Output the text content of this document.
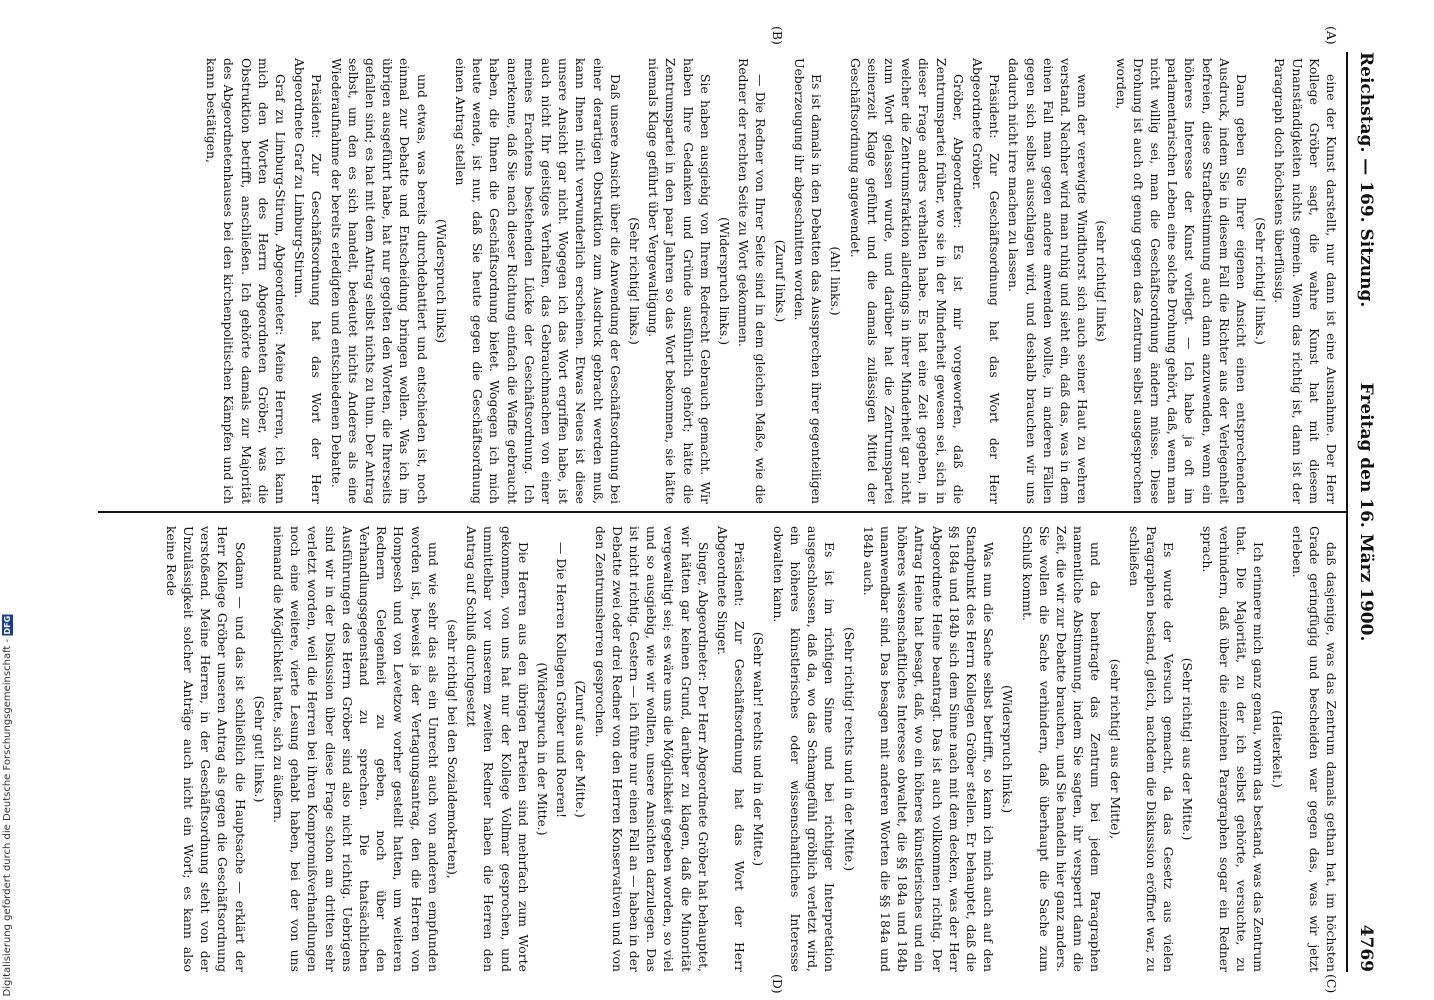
Reichstag. — 169. Sitzung.
Freitag den 16. März 1900.
4769
(A)
(B)
(C)
(D)

eine der Kunst darstellt, nur dann ist eine Ausnahme. Der Herr Kollege Gröber sagt, die wahre Kunst hat mit diesem Unanständigkeiten nichts gemein. Wenn das richtig ist, dann ist der Paragraph doch höchstens überflüssig.

(Sehr richtig! links.)

Dann geben Sie Ihrer eigenen Ansicht einen entsprechenden Ausdruck, indem Sie in diesem Fall die Richter aus der Verlegenheit befreien, diese Strafbestimmung auch dann anzuwenden, wenn ein höheres Interesse der Kunst vorliegt. — Ich habe ja oft im parlamentarischen Leben eine solche Drohung gehört, daß, wenn man nicht willig sei, man die Geschäftsordnung ändern müsse. Diese Drohung ist auch oft genug gegen das Zentrum selbst ausgesprochen worden,

(sehr richtig! links)

wenn der verewigte Windthorst sich auch seiner Haut zu wehren verstand. Nachher wird man ruhig und sieht ein, daß das, was in dem einen Fall man gegen andere anwenden wollte, in anderen Fällen gegen sich selbst ausschlagen wird, und deshalb brauchen wir uns dadurch nicht irre machen zu lassen.

Präsident: Zur Geschäftsordnung hat das Wort der Herr Abgeordnete Gröber.

Gröber, Abgeordneter: Es ist mir vorgeworfen, daß die Zentrumspartei früher, wo sie in der Minderheit gewesen sei, sich in dieser Frage anders verhalten habe. Es hat eine Zeit gegeben, in welcher die Zentrumsfraktion allerdings in ihrer Minderheit gar nicht zum Wort gelassen wurde, und darüber hat die Zentrumspartei seinerzeit Klage geführt und die damals zulässigen Mittel der Geschäftsordnung angewendet.

(Ah! links.)

Es ist damals in den Debatten das Aussprechen ihrer gegenteiligen Ueberzeugung ihr abgeschnitten worden.

(Zuruf links.)

— Die Redner von Ihrer Seite sind in dem gleichen Maße, wie die Redner der rechten Seite zu Wort gekommen.

(Widerspruch links.)

Sie haben ausgiebig von Ihrem Redrecht Gebrauch gemacht. Wir haben Ihre Gedanken und Gründe ausführlich gehört; hätte die Zentrumspartei in den paar Jahren so das Wort bekommen, sie hätte niemals Klage geführt über Vergewaltigung.

(Sehr richtig! links.)

Daß unsere Ansicht über die Anwendung der Geschäftsordnung bei einer derartigen Obstruktion zum Ausdruck gebracht werden muß, kann Ihnen nicht verwunderlich erscheinen. Etwas Neues ist diese unsere Ansicht gar nicht. Wogegen ich das Wort ergriffen habe, ist auch nicht Ihr geistiges Verhalten, das Gebrauchmachen von einer meines Erachtens bestehenden Lücke der Geschäftsordnung. Ich anerkenne, daß Sie nach dieser Richtung einfach die Waffe gebraucht haben, die Ihnen die Geschäftsordnung bietet. Wogegen ich mich heute wende, ist nur, daß Sie heute gegen die Geschäftsordnung einen Antrag stellen

(Widerspruch links)

und etwas, was bereits durchdebattiert und entschieden ist, noch einmal zur Debatte und Entscheidung bringen wollen. Was ich im übrigen ausgeführt habe, hat nur gegolten den Worten, die Ihrerseits gefallen sind; es hat mit dem Antrag selbst nichts zu thun. Der Antrag selbst, um den es sich handelt, bedeutet nichts Anderes als eine Wiederaufnahme der bereits erledigten und entschiedenen Debatte.

Präsident: Zur Geschäftsordnung hat das Wort der Herr Abgeordnete Graf zu Limburg-Stirum.

Graf zu Limburg-Stirum, Abgeordneter: Meine Herren, ich kann mich den Worten des Herrn Abgeordneten Gröber, was die Obstruktion betrifft, anschließen. Ich gehörte damals zur Majorität des Abgeordnetenhauses bei den kirchenpolitischen Kämpfen und ich kann bestätigen,

daß dasjenige, was das Zentrum damals gethan hat, im höchsten Grade geringfügig und bescheiden war gegen das, was wir jetzt erleben.

(Heiterkeit.)

Ich erinnere mich ganz genau, worin das bestand, was das Zentrum that. Die Majorität, zu der ich selbst gehörte, versuchte, zu verhindern, daß über die einzelnen Paragraphen sogar ein Redner sprach.

(Sehr richtig! aus der Mitte.)

Es wurde der Versuch gemacht, da das Gesetz aus vielen Paragraphen bestand, gleich, nachdem die Diskussion eröffnet war, zu schließen

(sehr richtig! aus der Mitte),

und da beantragte das Zentrum bei jedem Paragraphen namentliche Abstimmung, indem Sie sagten, ihr versperrt dann die Zeit, die wir zur Debatte brauchen, und Sie handeln hier ganz anders. Sie wollen die Sache verhindern, daß überhaupt die Sache zum Schluß kommt.

(Widerspruch links.)

Was nun die Sache selbst betrifft, so kann ich mich auch auf den Standpunkt des Herrn Kollegen Gröber stellen. Er behauptet, daß die §§ 184a und 184b sich dem Sinne nach mit dem decken, was der Herr Abgeordnete Heine beantragt. Das ist auch vollkommen richtig. Der Antrag Heine hat besagt, daß, wo ein höheres künstlerisches und ein höheres wissenschaftliches Interesse obwaltet, die §§ 184a und 184b unanwendbar sind. Das besagen mit anderen Worten die §§ 184a und 184b auch.

(Sehr richtig! rechts und in der Mitte.)

Es ist im richtigen Sinne und bei richtiger Interpretation ausgeschlossen, daß da, wo das Schamgefühl gröblich verletzt wird, ein höheres künstlerisches oder wissenschaftliches Interesse obwalten kann.

(Sehr wahr! rechts und in der Mitte.)

Präsident: Zur Geschäftsordnung hat das Wort der Herr Abgeordnete Singer.

Singer, Abgeordneter: Der Herr Abgeordnete Gröber hat behauptet, wir hätten gar keinen Grund, darüber zu klagen, daß die Minorität vergewaltigt sei; es wäre uns die Möglichkeit gegeben worden, so viel und so ausgiebig, wie wir wollten, unsere Ansichten darzulegen. Das ist nicht richtig. Gestern — ich führe nur einen Fall an — haben in der Debatte zwei oder drei Redner von den Herren Konservativen und von den Zentrumsherren gesprochen.

(Zuruf aus der Mitte.)

— Die Herren Kollegen Gröber und Roeren!

(Widerspruch in der Mitte.)

Die Herren aus den übrigen Parteien sind mehrfach zum Worte gekommen, von uns hat nur der Kollege Vollmar gesprochen, und unmittelbar vor unserem zweiten Redner haben die Herren den Antrag auf Schluß durchgesetzt

(sehr richtig! bei den Sozialdemokraten),

und wie sehr das als ein Unrecht auch von anderen empfunden worden ist, beweist ja der Vertagungsantrag, den die Herren von Hompesch und von Levetzow vorher gestellt hatten, um weiteren Rednern Gelegenheit zu geben, noch über den Verhandlungsgegenstand zu sprechen. Die thatsächlichen Ausführungen des Herrn Gröber sind also nicht richtig. Uebrigens sind wir in der Diskussion über diese Frage schon am dritten sehr verletzt worden, weil die Herren bei ihren Kompromißverhandlungen noch eine weitere, vierte Lesung gehabt haben, bei der von uns niemand die Möglichkeit hatte, sich zu äußern.

(Sehr gut! links.)

Sodann — und das ist schließlich die Hauptsache — erklärt der Herr Kollege Gröber unseren Antrag als gegen die Geschäftsordnung verstoßend. Meine Herren, in der Geschäftsordnung steht von der Unzulässigkeit solcher Anträge auch nicht ein Wort; es kann also keine Rede

Digitalisierung gefördert durch die Deutsche Forschungsgemeinschaft - DFG
